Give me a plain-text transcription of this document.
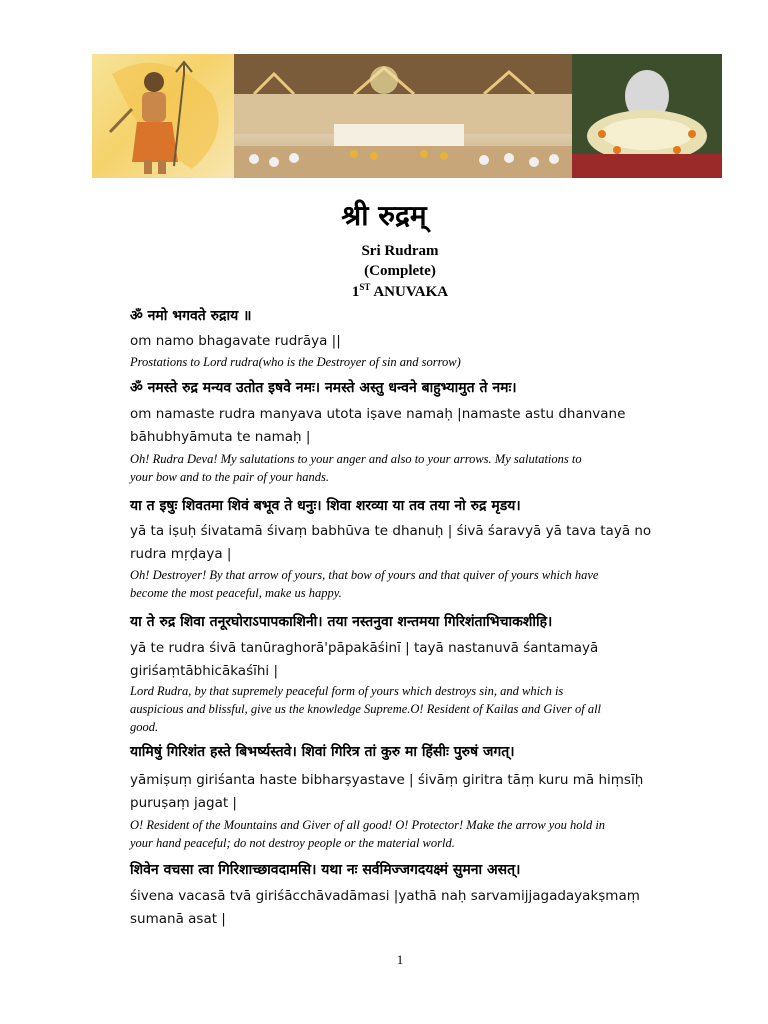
श्री रुद्रम्
Sri Rudram
(Complete)
1ST ANUVAKA
ॐ नमो भगवते रुद्राय ॥
om namo bhagavate rudrāya ||
Prostations to Lord rudra(who is the Destroyer of sin and sorrow)
ॐ नमस्ते रुद्र मन्यव उतोत इषवे नमः। नमस्ते अस्तु धन्वने बाहुभ्यामुत ते नमः।
om namaste rudra manyava utota iṣave namaḥ |namaste astu dhanvane
bāhubhyāmuta te namaḥ |
Oh! Rudra Deva! My salutations to your anger and also to your arrows. My salutations to
your bow and to the pair of your hands.
या त इषुः शिवतमा शिवं बभूव ते धनुः। शिवा शरव्या या तव तया नो रुद्र मृडय।
yā ta iṣuḥ śivatamā śivaṃ babhūva te dhanuḥ | śivā śaravyā yā tava tayā no
rudra mṛḍaya |
Oh! Destroyer! By that arrow of yours, that bow of yours and that quiver of yours which have
become the most peaceful, make us happy.
या ते रुद्र शिवा तनूरघोराऽपापकाशिनी। तया नस्तनुवा शन्तमया गिरिशंताभिचाकशीहि।
yā te rudra śivā tanūraghorā'pāpakāśinī | tayā nastanuvā śantamayā
giriśaṃtābhicākaśīhi |
Lord Rudra, by that supremely peaceful form of yours which destroys sin, and which is
auspicious and blissful, give us the knowledge Supreme.O! Resident of Kailas and Giver of all
good.
यामिषुं गिरिशंत हस्ते बिभर्ष्यस्तवे। शिवां गिरित्र तां कुरु मा हिंसीः पुरुषं जगत्।
yāmiṣuṃ giriśanta haste bibharṣyastave | śivāṃ giritra tāṃ kuru mā hiṃsīḥ
puruṣaṃ jagat |
O! Resident of the Mountains and Giver of all good! O! Protector! Make the arrow you hold in
your hand peaceful; do not destroy people or the material world.
शिवेन वचसा त्वा गिरिशाच्छावदामसि। यथा नः सर्वमिज्जगदयक्ष्मं सुमना असत्।
śivena vacasā tvā giriśācchāvadāmasi |yathā naḥ sarvamijjagadayakṣmaṃ
sumanā asat |
1
